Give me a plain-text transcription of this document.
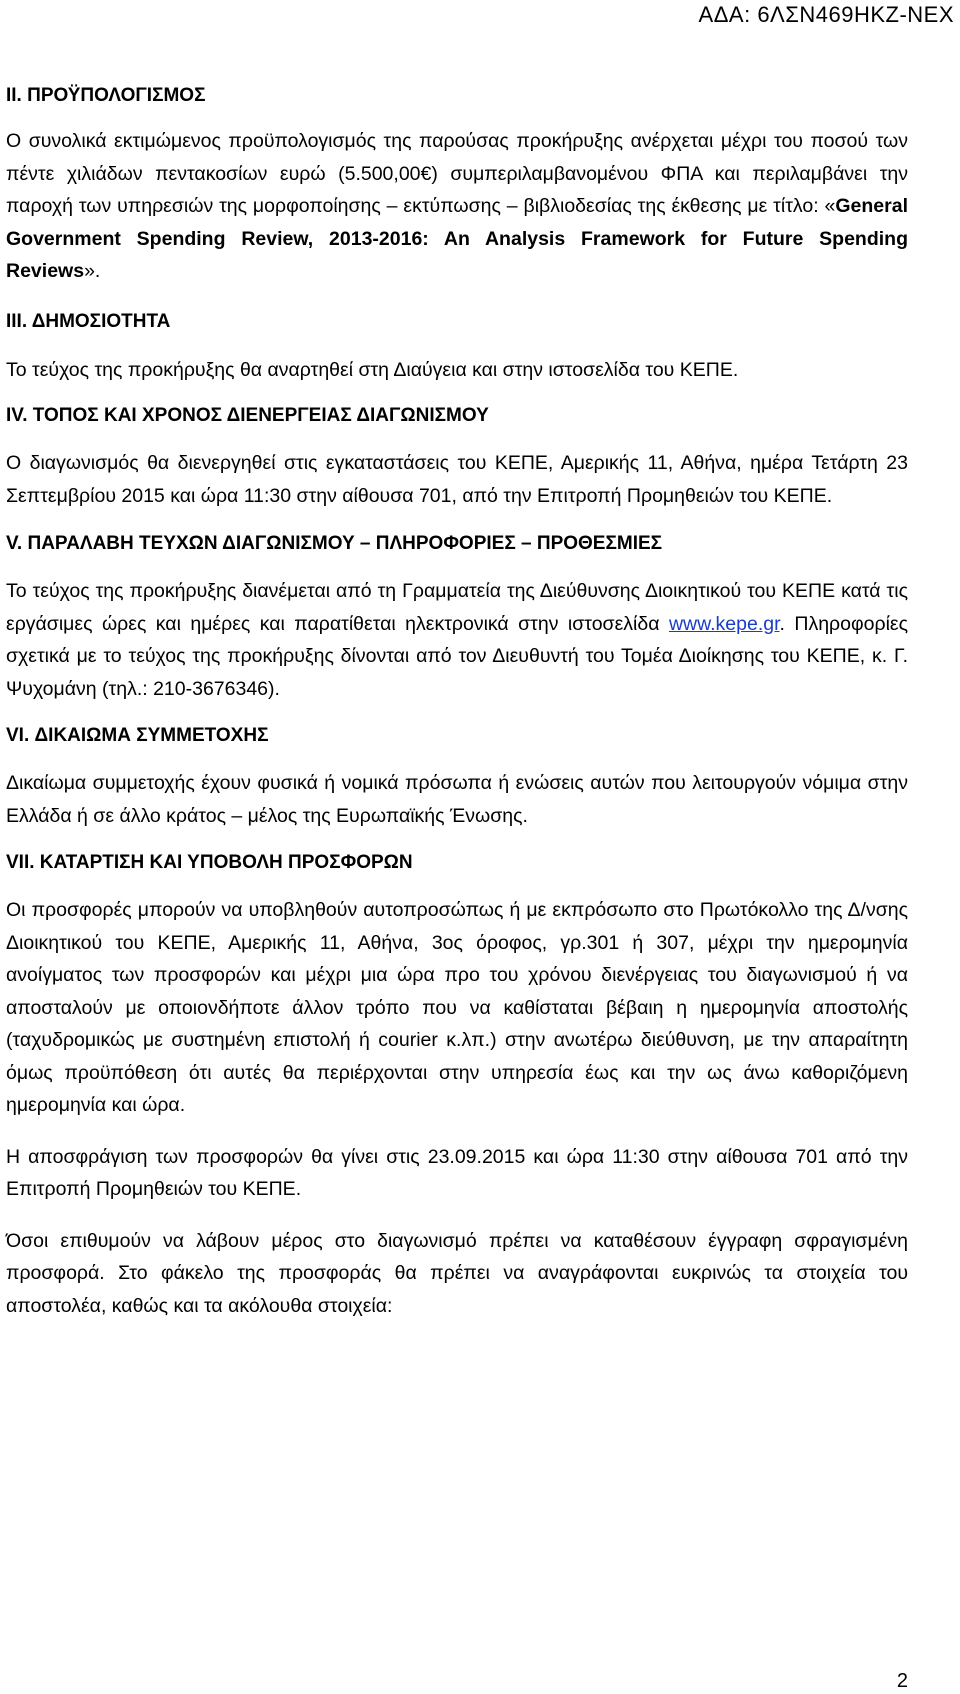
ΑΔΑ: 6ΛΣΝ469ΗΚΖ-ΝΕΧ

ΙΙ. ΠΡΟΫΠΟΛΟΓΙΣΜΟΣ

Ο συνολικά εκτιμώμενος προϋπολογισμός της παρούσας προκήρυξης ανέρχεται μέχρι του ποσού των πέντε χιλιάδων πεντακοσίων ευρώ (5.500,00€) συμπεριλαμβανομένου ΦΠΑ και περιλαμβάνει την παροχή των υπηρεσιών της μορφοποίησης – εκτύπωσης – βιβλιοδεσίας της έκθεσης με τίτλο: «General Government Spending Review, 2013-2016: An Analysis Framework for Future Spending Reviews».

ΙΙΙ. ΔΗΜΟΣΙΟΤΗΤΑ

Το τεύχος της προκήρυξης θα αναρτηθεί στη Διαύγεια και στην ιστοσελίδα του ΚΕΠΕ.

IV. ΤΟΠΟΣ ΚΑΙ ΧΡΟΝΟΣ ΔΙΕΝΕΡΓΕΙΑΣ ΔΙΑΓΩΝΙΣΜΟΥ

Ο διαγωνισμός θα διενεργηθεί στις εγκαταστάσεις του ΚΕΠΕ, Αμερικής 11, Αθήνα, ημέρα Τετάρτη 23 Σεπτεμβρίου 2015 και ώρα 11:30 στην αίθουσα 701, από την Επιτροπή Προμηθειών του ΚΕΠΕ.

V. ΠΑΡΑΛΑΒΗ ΤΕΥΧΩΝ ΔΙΑΓΩΝΙΣΜΟΥ – ΠΛΗΡΟΦΟΡΙΕΣ – ΠΡΟΘΕΣΜΙΕΣ

Το τεύχος της προκήρυξης διανέμεται από τη Γραμματεία της Διεύθυνσης Διοικητικού του ΚΕΠΕ κατά τις εργάσιμες ώρες και ημέρες και παρατίθεται ηλεκτρονικά στην ιστοσελίδα www.kepe.gr. Πληροφορίες σχετικά με το τεύχος της προκήρυξης δίνονται από τον Διευθυντή του Τομέα Διοίκησης του ΚΕΠΕ, κ. Γ. Ψυχομάνη (τηλ.: 210-3676346).

VI. ΔΙΚΑΙΩΜΑ ΣΥΜΜΕΤΟΧΗΣ

Δικαίωμα συμμετοχής έχουν φυσικά ή νομικά πρόσωπα ή ενώσεις αυτών που λειτουργούν νόμιμα στην Ελλάδα ή σε άλλο κράτος – μέλος της Ευρωπαϊκής Ένωσης.

VII. ΚΑΤΑΡΤΙΣΗ ΚΑΙ ΥΠΟΒΟΛΗ ΠΡΟΣΦΟΡΩΝ

Οι προσφορές μπορούν να υποβληθούν αυτοπροσώπως ή με εκπρόσωπο στο Πρωτόκολλο της Δ/νσης Διοικητικού του ΚΕΠΕ, Αμερικής 11, Αθήνα, 3ος όροφος, γρ.301 ή 307, μέχρι την ημερομηνία ανοίγματος των προσφορών και μέχρι μια ώρα προ του χρόνου διενέργειας του διαγωνισμού ή να αποσταλούν με οποιονδήποτε άλλον τρόπο που να καθίσταται βέβαιη η ημερομηνία αποστολής (ταχυδρομικώς με συστημένη επιστολή ή courier κ.λπ.) στην ανωτέρω διεύθυνση, με την απαραίτητη όμως προϋπόθεση ότι αυτές θα περιέρχονται στην υπηρεσία έως και την ως άνω καθοριζόμενη ημερομηνία και ώρα.

Η αποσφράγιση των προσφορών θα γίνει στις 23.09.2015 και ώρα 11:30 στην αίθουσα 701 από την Επιτροπή Προμηθειών του ΚΕΠΕ.

Όσοι επιθυμούν να λάβουν μέρος στο διαγωνισμό πρέπει να καταθέσουν έγγραφη σφραγισμένη προσφορά. Στο φάκελο της προσφοράς θα πρέπει να αναγράφονται ευκρινώς τα στοιχεία του αποστολέα, καθώς και τα ακόλουθα στοιχεία:

2
